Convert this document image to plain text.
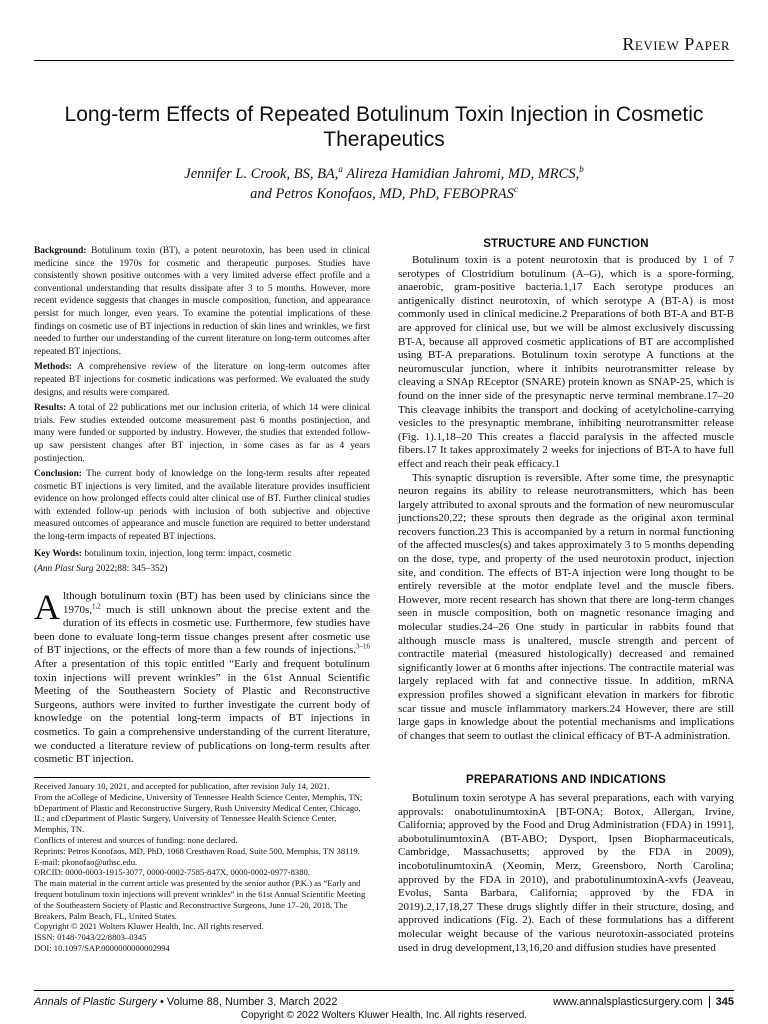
Review Paper
Long-term Effects of Repeated Botulinum Toxin Injection in Cosmetic Therapeutics
Jennifer L. Crook, BS, BA,$^a$ Alireza Hamidian Jahromi, MD, MRCS,$^b$
and Petros Konofaos, MD, PhD, FEBOPRAS$^c$

Background: Botulinum toxin (BT), a potent neurotoxin, has been used in clinical medicine since the 1970s for cosmetic and therapeutic purposes. Studies have consistently shown positive outcomes with a very limited adverse effect profile and a conventional understanding that results dissipate after 3 to 5 months. However, more recent evidence suggests that changes in muscle composition, function, and appearance persist for much longer, even years. To examine the potential implications of these findings on cosmetic use of BT injections in reduction of skin lines and wrinkles, we first needed to further our understanding of the current literature on long-term outcomes after repeated BT injections.

Methods: A comprehensive review of the literature on long-term outcomes after repeated BT injections for cosmetic indications was performed. We evaluated the study designs, and results were compared.

Results: A total of 22 publications met our inclusion criteria, of which 14 were clinical trials. Few studies extended outcome measurement past 6 months postinjection, and many were funded or supported by industry. However, the studies that extended follow-up saw persistent changes after BT injection, in some cases as far as 4 years postinjection.

Conclusion: The current body of knowledge on the long-term results after repeated cosmetic BT injections is very limited, and the available literature provides insufficient evidence on how prolonged effects could alter clinical use of BT. Further clinical studies with extended follow-up periods with inclusion of both subjective and objective measured outcomes of appearance and muscle function are required to better understand the long-term impacts of repeated BT injections.

Key Words: botulinum toxin, injection, long term: impact, cosmetic

(Ann Plast Surg 2022;88: 345–352)

Although botulinum toxin (BT) has been used by clinicians since the 1970s,$^{1,2}$ much is still unknown about the precise extent and the duration of its effects in cosmetic use. Furthermore, few studies have been done to evaluate long-term tissue changes present after cosmetic use of BT injections, or the effects of more than a few rounds of injections.$^{3-16}$ After a presentation of this topic entitled “Early and frequent botulinum toxin injections will prevent wrinkles” in the 61st Annual Scientific Meeting of the Southeastern Society of Plastic and Reconstructive Surgeons, authors were invited to further investigate the current body of knowledge on the potential long-term impacts of BT injections in cosmetics. To gain a comprehensive understanding of the current literature, we conducted a literature review of publications on long-term results after cosmetic BT injection.

Received January 10, 2021, and accepted for publication, after revision July 14, 2021.
From the aCollege of Medicine, University of Tennessee Health Science Center, Memphis, TN; bDepartment of Plastic and Reconstructive Surgery, Rush University Medical Center, Chicago, IL; and cDepartment of Plastic Surgery, University of Tennessee Health Science Center, Memphis, TN.
Conflicts of interest and sources of funding: none declared.
Reprints: Petros Konofaos, MD, PhD, 1068 Cresthaven Road, Suite 500, Memphis, TN 38119. E-mail: pkonofao@uthsc.edu.
ORCID: 0000-0003-1915-3077, 0000-0002-7585-847X, 0000-0002-0977-8380.
The main material in the current article was presented by the senior author (P.K.) as “Early and frequent botulinum toxin injections will prevent wrinkles” in the 61st Annual Scientific Meeting of the Southeastern Society of Plastic and Reconstructive Surgeons, June 17–20, 2018, The Breakers, Palm Beach, FL, United States.
Copyright © 2021 Wolters Kluwer Health, Inc. All rights reserved.
ISSN: 0148-7043/22/8803–0345
DOI: 10.1097/SAP.0000000000002994
STRUCTURE AND FUNCTION

Botulinum toxin is a potent neurotoxin that is produced by 1 of 7 serotypes of Clostridium botulinum (A–G), which is a spore-forming, anaerobic, gram-positive bacteria.1,17 Each serotype produces an antigenically distinct neurotoxin, of which serotype A (BT-A) is most commonly used in clinical medicine.2 Preparations of both BT-A and BT-B are approved for clinical use, but we will be almost exclusively discussing BT-A, because all approved cosmetic applications of BT are accomplished using BT-A preparations. Botulinum toxin serotype A functions at the neuromuscular junction, where it inhibits neurotransmitter release by cleaving a SNAp REceptor (SNARE) protein known as SNAP-25, which is found on the inner side of the presynaptic nerve terminal membrane.17–20 This cleavage inhibits the transport and docking of acetylcholine-carrying vesicles to the presynaptic membrane, inhibiting neurotransmitter release (Fig. 1).1,18–20 This creates a flaccid paralysis in the affected muscle fibers.17 It takes approximately 2 weeks for injections of BT-A to have full effect and reach their peak efficacy.1

This synaptic disruption is reversible. After some time, the presynaptic neuron regains its ability to release neurotransmitters, which has been largely attributed to axonal sprouts and the formation of new neuromuscular junctions20,22; these sprouts then degrade as the original axon terminal recovers function.23 This is accompanied by a return in normal functioning of the affected muscles(s) and takes approximately 3 to 5 months depending on the dose, type, and property of the used neurotoxin product, injection site, and condition. The effects of BT-A injection were long thought to be entirely reversible at the motor endplate level and the muscle fibers. However, more recent research has shown that there are long-term changes seen in muscle composition, both on magnetic resonance imaging and molecular studies.24–26 One study in particular in rabbits found that although muscle mass is unaltered, muscle strength and percent of contractile material (measured histologically) decreased and remained significantly lower at 6 months after injections. The contractile material was largely replaced with fat and connective tissue. In addition, mRNA expression profiles showed a significant elevation in markers for fibrotic scar tissue and muscle inflammatory markers.24 However, there are still large gaps in knowledge about the potential mechanisms and implications of changes that seem to outlast the clinical efficacy of BT-A administration.

PREPARATIONS AND INDICATIONS

Botulinum toxin serotype A has several preparations, each with varying approvals: onabotulinumtoxinA [BT-ONA; Botox, Allergan, Irvine, California; approved by the Food and Drug Administration (FDA) in 1991], abobotulinumtoxinA (BT-ABO; Dysport, Ipsen Biopharmaceuticals, Cambridge, Massachusetts; approved by the FDA in 2009), incobotulinumtoxinA (Xeomin, Merz, Greensboro, North Carolina; approved by the FDA in 2010), and prabotulinumtoxinA-xvfs (Jeaveau, Evolus, Santa Barbara, California; approved by the FDA in 2019).2,17,18,27 These drugs slightly differ in their structure, dosing, and approved indications (Fig. 2). Each of these formulations has a different molecular weight because of the various neurotoxin-associated proteins used in drug development,13,16,20 and diffusion studies have presented

Annals of Plastic Surgery • Volume 88, Number 3, March 2022	www.annalsplasticsurgery.com 345
Copyright © 2022 Wolters Kluwer Health, Inc. All rights reserved.
